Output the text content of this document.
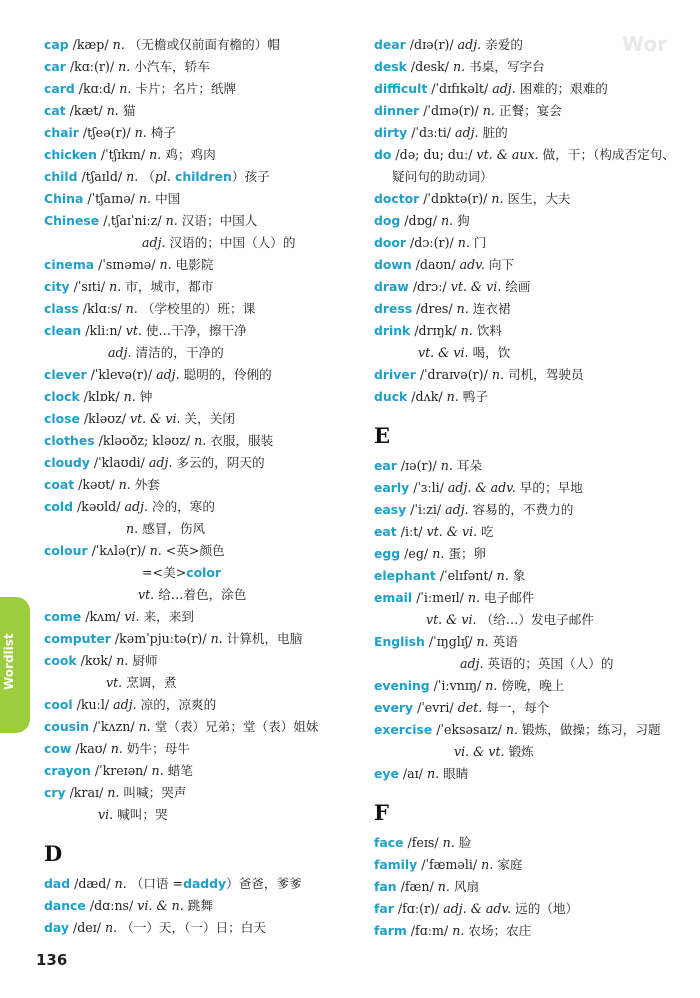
Wor
cap /kæp/ n. （无檐或仅前面有檐的）帽
car /kɑː(r)/ n. 小汽车，轿车
card /kɑːd/ n. 卡片；名片；纸牌
cat /kæt/ n. 猫
chair /tʃeə(r)/ n. 椅子
chicken /ˈtʃɪkɪn/ n. 鸡；鸡肉
child /tʃaɪld/ n. （pl. children）孩子
China /ˈtʃaɪnə/ n. 中国
Chinese /ˌtʃaɪˈniːz/ n. 汉语；中国人
adj. 汉语的；中国（人）的
cinema /ˈsɪnəmə/ n. 电影院
city /ˈsɪti/ n. 市，城市，都市
class /klɑːs/ n. （学校里的）班；课
clean /kliːn/ vt. 使…干净，擦干净
adj. 清洁的，干净的
clever /ˈklevə(r)/ adj. 聪明的，伶俐的
clock /klɒk/ n. 钟
close /kləʊz/ vt. & vi. 关，关闭
clothes /kləʊðz; kləʊz/ n. 衣服，服装
cloudy /ˈklaʊdi/ adj. 多云的，阴天的
coat /kəʊt/ n. 外套
cold /kəʊld/ adj. 冷的，寒的
n. 感冒，伤风
colour /ˈkʌlə(r)/ n. <英>颜色
=<美>color
vt. 给…着色，涂色
come /kʌm/ vi. 来，来到
computer /kəmˈpjuːtə(r)/ n. 计算机，电脑
cook /kʊk/ n. 厨师
vt. 烹调，煮
cool /kuːl/ adj. 凉的，凉爽的
cousin /ˈkʌzn/ n. 堂（表）兄弟；堂（表）姐妹
cow /kaʊ/ n. 奶牛；母牛
crayon /ˈkreɪən/ n. 蜡笔
cry /kraɪ/ n. 叫喊；哭声
vi. 喊叫；哭
D
dad /dæd/ n. （口语 =daddy）爸爸，爹爹
dance /dɑːns/ vi. & n. 跳舞
day /deɪ/ n. （一）天，（一）日；白天
dear /dɪə(r)/ adj. 亲爱的
desk /desk/ n. 书桌，写字台
difficult /ˈdɪfɪkəlt/ adj. 困难的；艰难的
dinner /ˈdɪnə(r)/ n. 正餐；宴会
dirty /ˈdɜːti/ adj. 脏的
do /də; du; duː/ vt. & aux. 做，干；（构成否定句、
疑问句的助动词）
doctor /ˈdɒktə(r)/ n. 医生，大夫
dog /dɒg/ n. 狗
door /dɔː(r)/ n. 门
down /daʊn/ adv. 向下
draw /drɔː/ vt. & vi. 绘画
dress /dres/ n. 连衣裙
drink /drɪŋk/ n. 饮料
vt. & vi. 喝，饮
driver /ˈdraɪvə(r)/ n. 司机，驾驶员
duck /dʌk/ n. 鸭子
E
ear /ɪə(r)/ n. 耳朵
early /ˈɜːli/ adj. & adv. 早的；早地
easy /ˈiːzi/ adj. 容易的，不费力的
eat /iːt/ vt. & vi. 吃
egg /eg/ n. 蛋；卵
elephant /ˈelɪfənt/ n. 象
email /ˈiːmeɪl/ n. 电子邮件
vt. & vi. （给…）发电子邮件
English /ˈɪŋglɪʃ/ n. 英语
adj. 英语的；英国（人）的
evening /ˈiːvnɪŋ/ n. 傍晚，晚上
every /ˈevri/ det. 每一，每个
exercise /ˈeksəsaɪz/ n. 锻炼，做操；练习，习题
vi. & vt. 锻炼
eye /aɪ/ n. 眼睛
F
face /feɪs/ n. 脸
family /ˈfæməli/ n. 家庭
fan /fæn/ n. 风扇
far /fɑː(r)/ adj. & adv. 远的（地）
farm /fɑːm/ n. 农场；农庄
Wordlist
136
